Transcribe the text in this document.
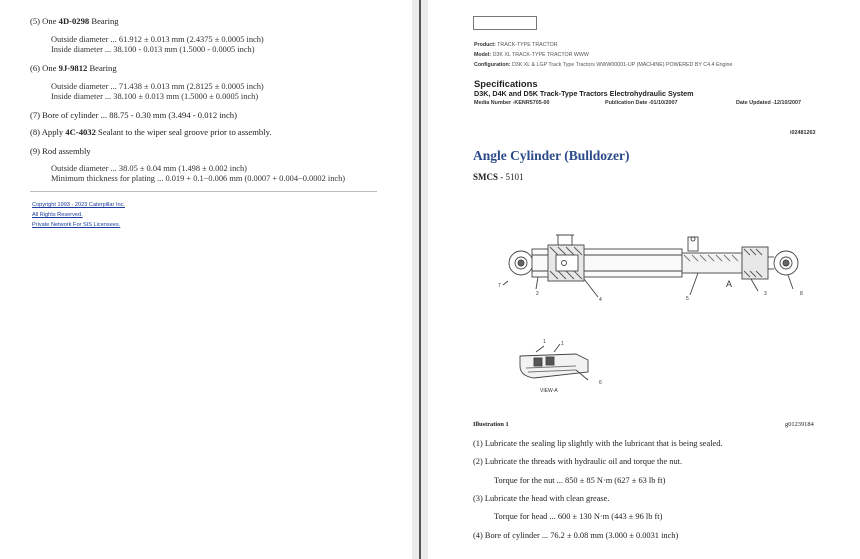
(5) One 4D-0298 Bearing
Outside diameter ... 61.912 ± 0.013 mm (2.4375 ± 0.0005 inch)
Inside diameter ... 38.100 - 0.013 mm (1.5000 - 0.0005 inch)
(6) One 9J-9812 Bearing
Outside diameter ... 71.438 ± 0.013 mm (2.8125 ± 0.0005 inch)
Inside diameter ... 38.100 ± 0.013 mm (1.5000 ± 0.0005 inch)
(7) Bore of cylinder ... 88.75 - 0.30 mm (3.494 - 0.012 inch)
(8) Apply 4C-4032 Sealant to the wiper seal groove prior to assembly.
(9) Rod assembly
Outside diameter ... 38.05 ± 0.04 mm (1.498 ± 0.002 inch)
Minimum thickness for plating ... 0.019 + 0.1−0.006 mm (0.0007 + 0.004−0.0002 inch)
Copyright 1993 - 2023 Caterpillar Inc.
All Rights Reserved.
Private Network For SIS Licensees.
Product: TRACK-TYPE TRACTOR
Model: D3K XL TRACK-TYPE TRACTOR WWW
Configuration: D3K XL & LGP Track Type Tractors WWW00001-UP (MACHINE) POWERED BY C4.4 Engine
Specifications
D3K, D4K and D5K Track-Type Tractors Electrohydraulic System
Media Number -KENR5705-00	Publication Date -01/10/2007	Date Updated -12/10/2007
i02481263
Angle Cylinder (Bulldozer)
SMCS - 5101
7
2
4	5
A
3	8
1	1
6
VIEW-A
Illustration 1	g01239184
(1) Lubricate the sealing lip slightly with the lubricant that is being sealed.
(2) Lubricate the threads with hydraulic oil and torque the nut.
Torque for the nut ... 850 ± 85 N·m (627 ± 63 lb ft)
(3) Lubricate the head with clean grease.
Torque for head ... 600 ± 130 N·m (443 ± 96 lb ft)
(4) Bore of cylinder ... 76.2 ± 0.08 mm (3.000 ± 0.0031 inch)
